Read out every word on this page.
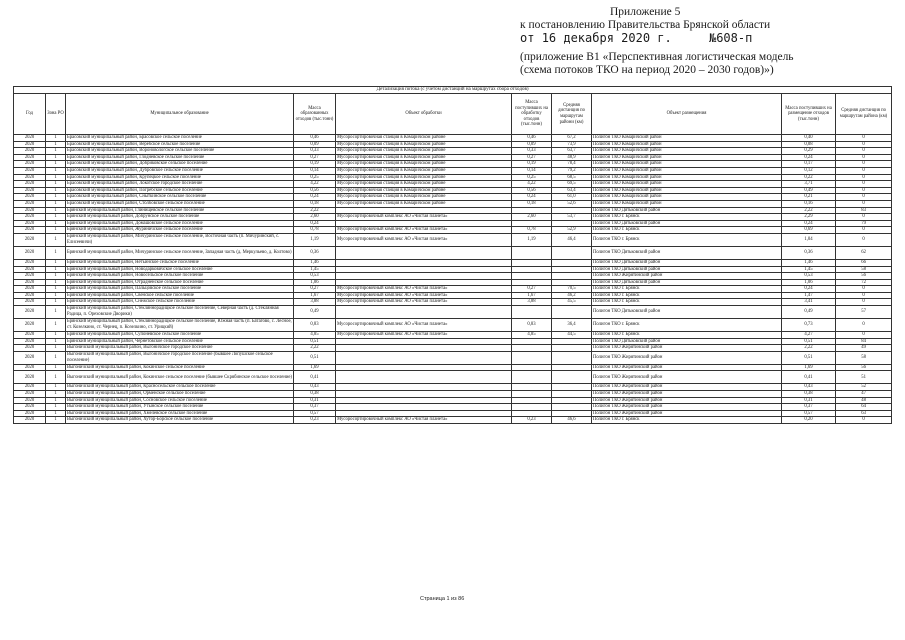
Приложение 5
к постановлению Правительства Брянской области
от 16 декабря 2020 г.	№608-п
(приложение В1 «Перспективная логистическая модель
(схема потоков ТКО на период 2020 – 2030 годов)»)
Детализация потока (с учетом дистанций на маршрутах сбора отходов)									
Год	Зона РО	Муниципальное образование	Масса образованных отходов (тыс.тонн)	Объект обработки	Масса поступивших на обработку отходов (тыс.тонн)	Средняя дистанция по маршрутам райони (км)	Объект размещения	Масса поступивших на размещение отходов (тыс.тонн)	Средняя дистанция по маршрутам района (км)
2020	1	Брасовский муниципальный район, Брасовское сельское поселение	0,46	Мусоросортировочная станция в Комаричском районе	0,46	67,2	Полигон ТКО Комаричский район	0,40	0
2020	1	Брасовский муниципальный район, Веребское сельское поселение	0,09	Мусоросортировочная станция в Комаричском районе	0,09	73,9	Полигон ТКО Комаричский район	0,08	0
2020	1	Брасовский муниципальный район, Вороновологское сельское поселение	0,33	Мусоросортировочная станция в Комаричском районе	0,33	63,7	Полигон ТКО Комаричский район	0,29	0
2020	1	Брасовский муниципальный район, Глодневское сельское поселение	0,27	Мусоросортировочная станция в Комаричском районе	0,27	48,9	Полигон ТКО Комаричский район	0,24	0
2020	1	Брасовский муниципальный район, Добриковское сельское поселение	0,19	Мусоросортировочная станция в Комаричском районе	0,19	78,4	Полигон ТКО Комаричский район	0,17	0
2020	1	Брасовский муниципальный район, Дубровское сельское поселение	0,14	Мусоросортировочная станция в Комаричском районе	0,14	79,2	Полигон ТКО Комаричский район	0,12	0
2020	1	Брасовский муниципальный район, Крупецкое сельское поселение	0,25	Мусоросортировочная станция в Комаричском районе	0,25	68,5	Полигон ТКО Комаричский район	0,22	0
2020	1	Брасовский муниципальный район, Локотское городское поселение	4,22	Мусоросортировочная станция в Комаричском районе	4,22	69,5	Полигон ТКО Комаричский район	3,71	0
2020	1	Брасовский муниципальный район, Погребское сельское поселение	0,56	Мусоросортировочная станция в Комаричском районе	0,56	63,4	Полигон ТКО Комаричский район	0,49	0
2020	1	Брасовский муниципальный район, Сныткинское сельское поселение	0,24	Мусоросортировочная станция в Комаричском районе	0,24	61,0	Полигон ТКО Комаричский район	0,21	0
2020	1	Брасовский муниципальный район, Столбовское сельское поселение	0,18	Мусоросортировочная станция в Комаричском районе	0,18	52,6	Полигон ТКО Комаричский район	0,16	0
2020	1	Брянский муниципальный район, Глинищевское сельское поселение	2,22				Полигон ТКО Дятьковский район	2,22	83
2020	1	Брянский муниципальный район, Добрунское сельское поселение	2,60	Мусоросортировочный комплекс АО «Чистая планета»	2,60	53,7	Полигон ТКО г. Брянск	2,29	0
2020	1	Брянский муниципальный район, Домашовское сельское поселение	0,24				Полигон ТКО Дятьковский район	0,24	79
2020	1	Брянский муниципальный район, Журиничское сельское поселение	0,78	Мусоросортировочный комплекс АО «Чистая планета»	0,78	52,9	Полигон ТКО г. Брянск	0,69	0
2020	1	Брянский муниципальный район, Мичуринское сельское поселение, Восточная часть (п. Мичуринский, с. Елисеевичи)	1,19	Мусоросортировочный комплекс АО «Чистая планета»	1,19	46,4	Полигон ТКО г. Брянск	1,04	0
2020	1	Брянский муниципальный район, Мичуринское сельское поселение, Западная часть (д. Меркульево, д. Колтово)	0,36				Полигон ТКО Дятьковский район	0,36	62
2020	1	Брянский муниципальный район, Нетьинское сельское поселение	1,46				Полигон ТКО Дятьковский район	1,46	66
2020	1	Брянский муниципальный район, Новодарковичское сельское поселение	1,45				Полигон ТКО Дятьковский район	1,45	58
2020	1	Брянский муниципальный район, Новосельское сельское поселение	0,53				Полигон ТКО Жирятинский район	0,53	56
2020	1	Брянский муниципальный район, Отрадненское сельское поселение	1,06				Полигон ТКО Дятьковский район	1,06	72
2020	1	Брянский муниципальный район, Пальцовское сельское поселение	0,27	Мусоросортировочный комплекс АО «Чистая планета»	0,27	70,5	Полигон ТКО г. Брянск	0,24	0
2020	1	Брянский муниципальный район, Свенское сельское поселение	1,67	Мусоросортировочный комплекс АО «Чистая планета»	1,67	46,2	Полигон ТКО г. Брянск	1,47	0
2020	1	Брянский муниципальный район, Снежское сельское поселение	3,88	Мусоросортировочный комплекс АО «Чистая планета»	3,88	45,5	Полигон ТКО г. Брянск	3,41	0
2020	1	Брянский муниципальный район, Стекляннорадицкое сельское поселение, Северная часть (д. Стеклянная Радица, п. Ореховские Дворики)	0,49				Полигон ТКО Дятьковский район	0,49	57
2020	1	Брянский муниципальный район, Стекляннорадицкое сельское поселение, Южная часть (п. Батагово, с. Лесное, ст. Козелкино, ст. Чернец, п. Козелкино, ст. Урицкий)	0,83	Мусоросортировочный комплекс АО «Чистая планета»	0,83	36,4	Полигон ТКО г. Брянск	0,73	0
2020	1	Брянский муниципальный район, Супоневское сельское поселение	4,85	Мусоросортировочный комплекс АО «Чистая планета»	4,85	44,5	Полигон ТКО г. Брянск	4,27	0
2020	1	Брянский муниципальный район, Чернетовское сельское поселение	0,51				Полигон ТКО Дятьковский район	0,51	84
2020	1	Выгоничский муниципальный район, Выгоничское городское поселение	2,22				Полигон ТКО Жирятинский район	2,22	49
2020	1	Выгоничский муниципальный район, Выгоничское городское поселение (бывшее Лопушское сельское поселение)	0,51				Полигон ТКО Жирятинский район	0,51	58
2020	1	Выгоничский муниципальный район, Кокинское сельское поселение	1,69				Полигон ТКО Жирятинский район	1,69	56
2020	1	Выгоничский муниципальный район, Кокинское сельское поселение (бывшее Скрябинское сельское поселение)	0,41				Полигон ТКО Жирятинский район	0,41	51
2020	1	Выгоничский муниципальный район, Красносельское сельское поселение	0,43				Полигон ТКО Жирятинский район	0,43	52
2020	1	Выгоничский муниципальный район, Орменское сельское поселение	0,38				Полигон ТКО Жирятинский район	0,38	47
2020	1	Выгоничский муниципальный район, Сосновское сельское поселение	0,31				Полигон ТКО Жирятинский район	0,31	48
2020	1	Выгоничский муниципальный район, Утынское сельское поселение	0,37				Полигон ТКО Жирятинский район	0,37	64
2020	1	Выгоничский муниципальный район, Хмелевское сельское поселение	0,57				Полигон ТКО Жирятинский район	0,57	63
2020	1	Выгоничский муниципальный район, Хутор-Борское сельское поселение	0,23	Мусоросортировочный комплекс АО «Чистая планета»	0,23	46,6	Полигон ТКО г. Брянск	0,20	0
Страница 1 из 86
